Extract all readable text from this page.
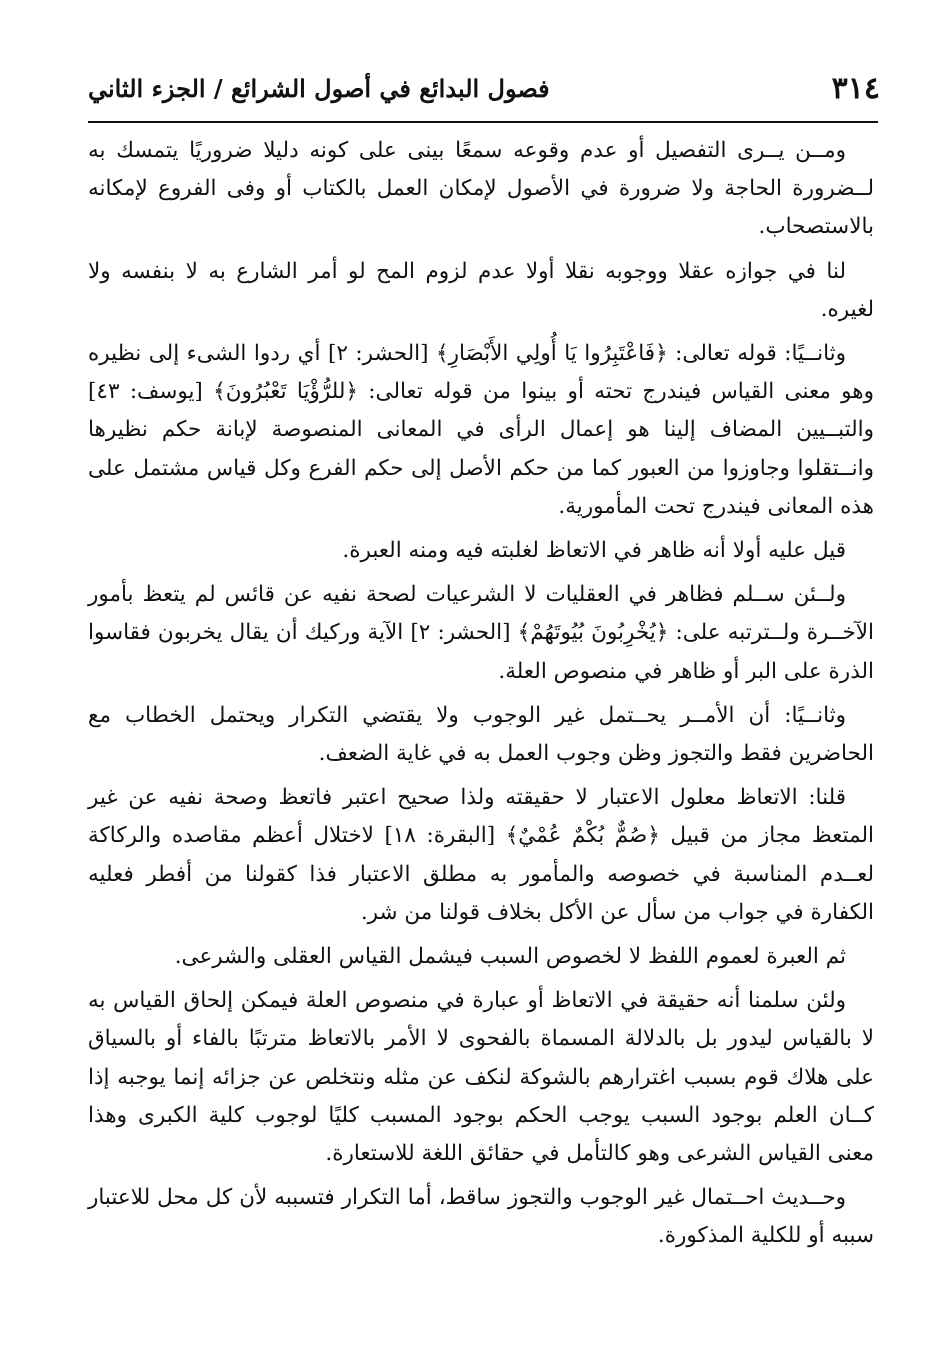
٣١٤
فصول البدائع في أصول الشرائع / الجزء الثاني

ومــن يــرى التفصيل أو عدم وقوعه سمعًا بينى على كونه دليلا ضروريًا يتمسك به لــضرورة الحاجة ولا ضرورة في الأصول لإمكان العمل بالكتاب أو وفى الفروع لإمكانه بالاستصحاب.

لنا في جوازه عقلا ووجوبه نقلا أولا عدم لزوم المح لو أمر الشارع به لا بنفسه ولا لغيره.

وثانــيًا: قوله تعالى: ﴿فَاعْتَبِرُوا يَا أُولِي الأَبْصَارِ﴾ [الحشر: ٢] أي ردوا الشىء إلى نظيره وهو معنى القياس فيندرج تحته أو بينوا من قوله تعالى: ﴿للرُّؤْيَا تَعْبُرُونَ﴾ [يوسف: ٤٣] والتبــيين المضاف إلينا هو إعمال الرأى في المعانى المنصوصة لإبانة حكم نظيرها وانــتقلوا وجاوزوا من العبور كما من حكم الأصل إلى حكم الفرع وكل قياس مشتمل على هذه المعانى فيندرج تحت المأمورية.

قيل عليه أولا أنه ظاهر في الاتعاظ لغلبته فيه ومنه العبرة.

ولــئن ســلم فظاهر في العقليات لا الشرعيات لصحة نفيه عن قائس لم يتعظ بأمور الآخــرة ولــترتبه على: ﴿يُخْرِبُونَ بُيُوتَهُمْ﴾ [الحشر: ٢] الآية وركيك أن يقال يخربون فقاسوا الذرة على البر أو ظاهر في منصوص العلة.

وثانــيًا: أن الأمــر يحــتمل غير الوجوب ولا يقتضي التكرار ويحتمل الخطاب مع الحاضرين فقط والتجوز وظن وجوب العمل به في غاية الضعف.

قلنا: الاتعاظ معلول الاعتبار لا حقيقته ولذا صحيح اعتبر فاتعظ وصحة نفيه عن غير المتعظ مجاز من قبيل ﴿صُمٌّ بُكْمٌ عُمْيٌ﴾ [البقرة: ١٨] لاختلال أعظم مقاصده والركاكة لعــدم المناسبة في خصوصه والمأمور به مطلق الاعتبار فذا كقولنا من أفطر فعليه الكفارة في جواب من سأل عن الأكل بخلاف قولنا من شر.

ثم العبرة لعموم اللفظ لا لخصوص السبب فيشمل القياس العقلى والشرعى.

ولئن سلمنا أنه حقيقة في الاتعاظ أو عبارة في منصوص العلة فيمكن إلحاق القياس به لا بالقياس ليدور بل بالدلالة المسماة بالفحوى لا الأمر بالاتعاظ مترتبًا بالفاء أو بالسياق على هلاك قوم بسبب اغترارهم بالشوكة لنكف عن مثله ونتخلص عن جزائه إنما يوجبه إذا كــان العلم بوجود السبب يوجب الحكم بوجود المسبب كليًا لوجوب كلية الكبرى وهذا معنى القياس الشرعى وهو كالتأمل في حقائق اللغة للاستعارة.

وحــديث احــتمال غير الوجوب والتجوز ساقط، أما التكرار فتسببه لأن كل محل للاعتبار سببه أو للكلية المذكورة.
